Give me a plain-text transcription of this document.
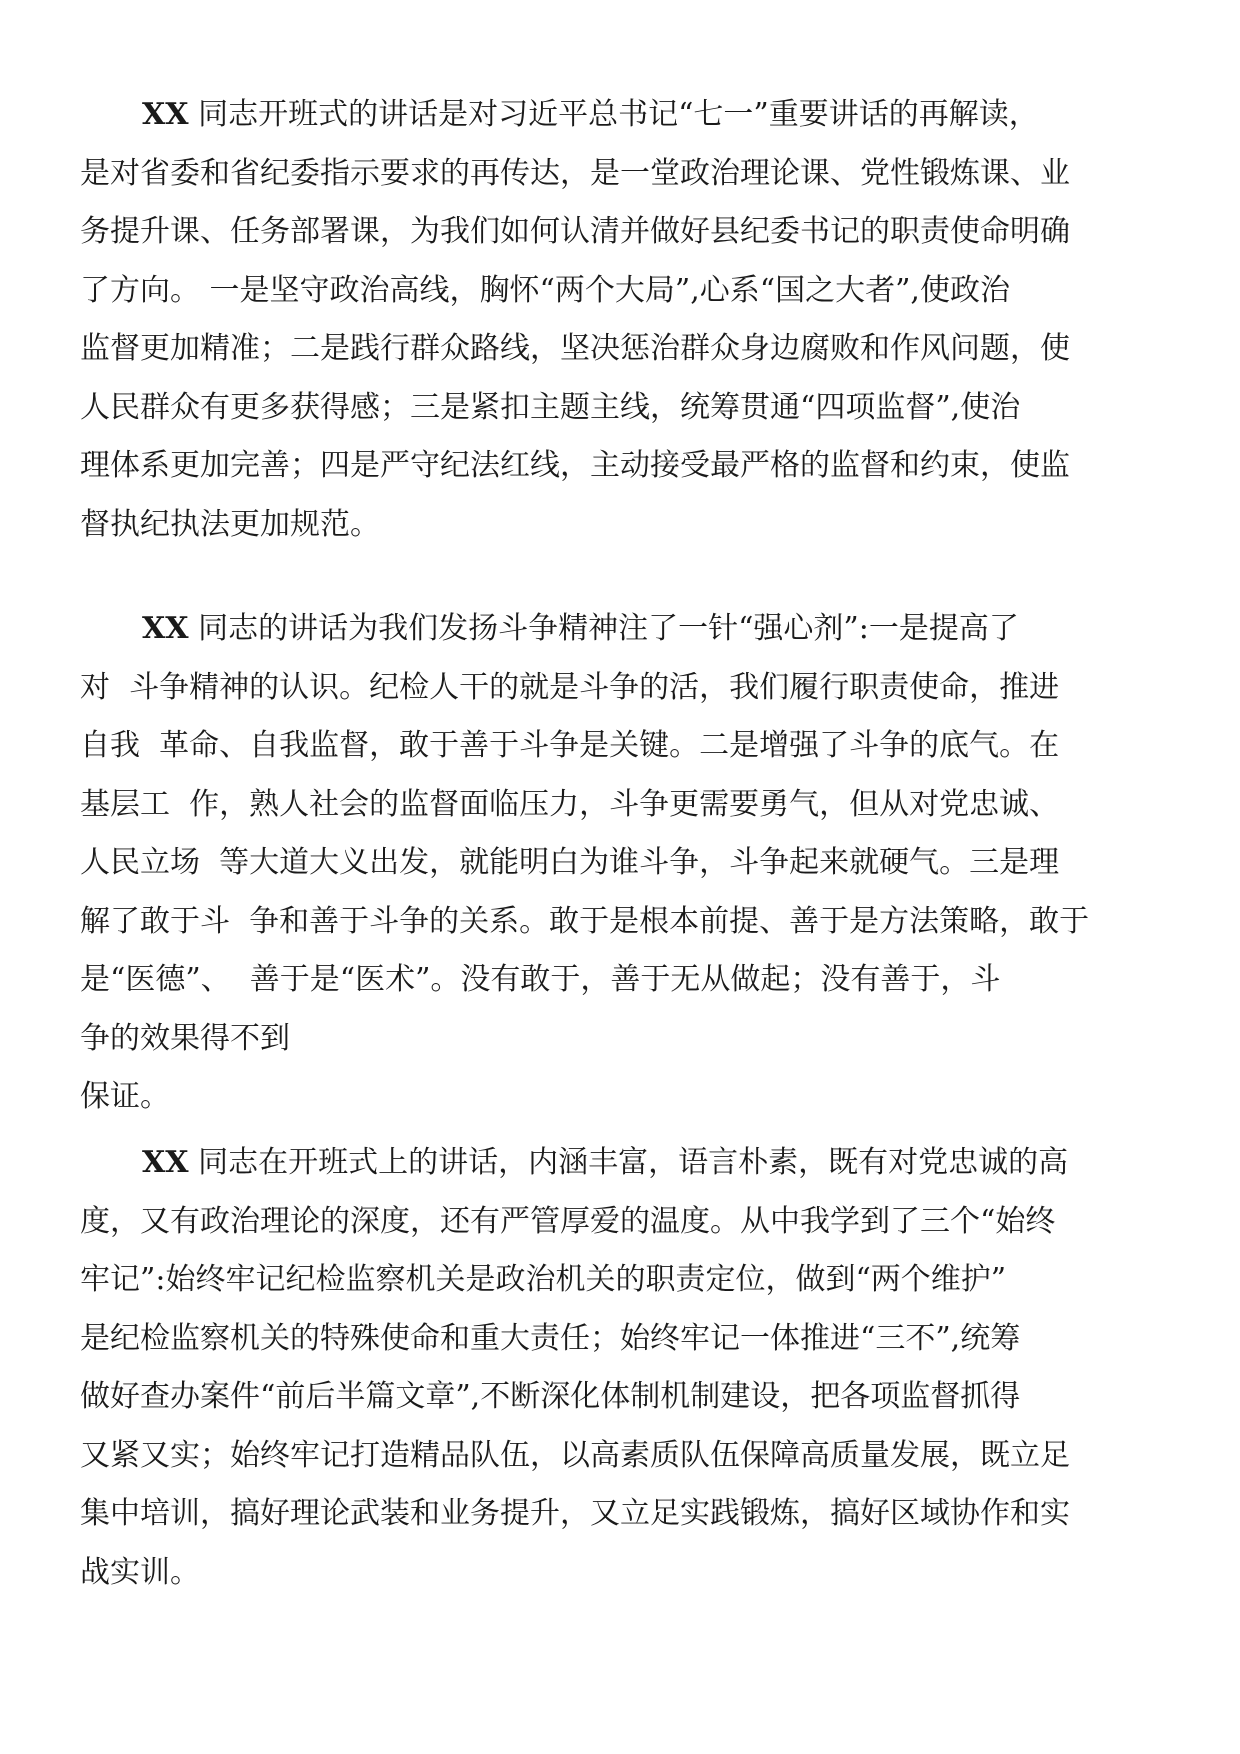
XX 同志开班式的讲话是对习近平总书记“七一”重要讲话的再解读，
是对省委和省纪委指示要求的再传达，是一堂政治理论课、党性锻炼课、业
务提升课、任务部署课，为我们如何认清并做好县纪委书记的职责使命明确
了方向。 一是坚守政治高线，胸怀“两个大局”,心系“国之大者”,使政治
监督更加精准；二是践行群众路线，坚决惩治群众身边腐败和作风问题，使
人民群众有更多获得感；三是紧扣主题主线，统筹贯通“四项监督”,使治
理体系更加完善；四是严守纪法红线，主动接受最严格的监督和约束，使监
督执纪执法更加规范。

XX 同志的讲话为我们发扬斗争精神注了一针“强心剂”:一是提高了
对  斗争精神的认识。纪检人干的就是斗争的活，我们履行职责使命，推进
自我  革命、自我监督，敢于善于斗争是关键。二是增强了斗争的底气。在
基层工  作，熟人社会的监督面临压力，斗争更需要勇气，但从对党忠诚、
人民立场  等大道大义出发，就能明白为谁斗争，斗争起来就硬气。三是理
解了敢于斗  争和善于斗争的关系。敢于是根本前提、善于是方法策略，敢于
是“医德”、  善于是“医术”。没有敢于，善于无从做起；没有善于，斗
争的效果得不到
保证。

XX 同志在开班式上的讲话，内涵丰富，语言朴素，既有对党忠诚的高
度，又有政治理论的深度，还有严管厚爱的温度。从中我学到了三个“始终
牢记”:始终牢记纪检监察机关是政治机关的职责定位，做到“两个维护”
是纪检监察机关的特殊使命和重大责任；始终牢记一体推进“三不”,统筹
做好查办案件“前后半篇文章”,不断深化体制机制建设，把各项监督抓得
又紧又实；始终牢记打造精品队伍，以高素质队伍保障高质量发展，既立足
集中培训，搞好理论武装和业务提升，又立足实践锻炼，搞好区域协作和实
战实训。
